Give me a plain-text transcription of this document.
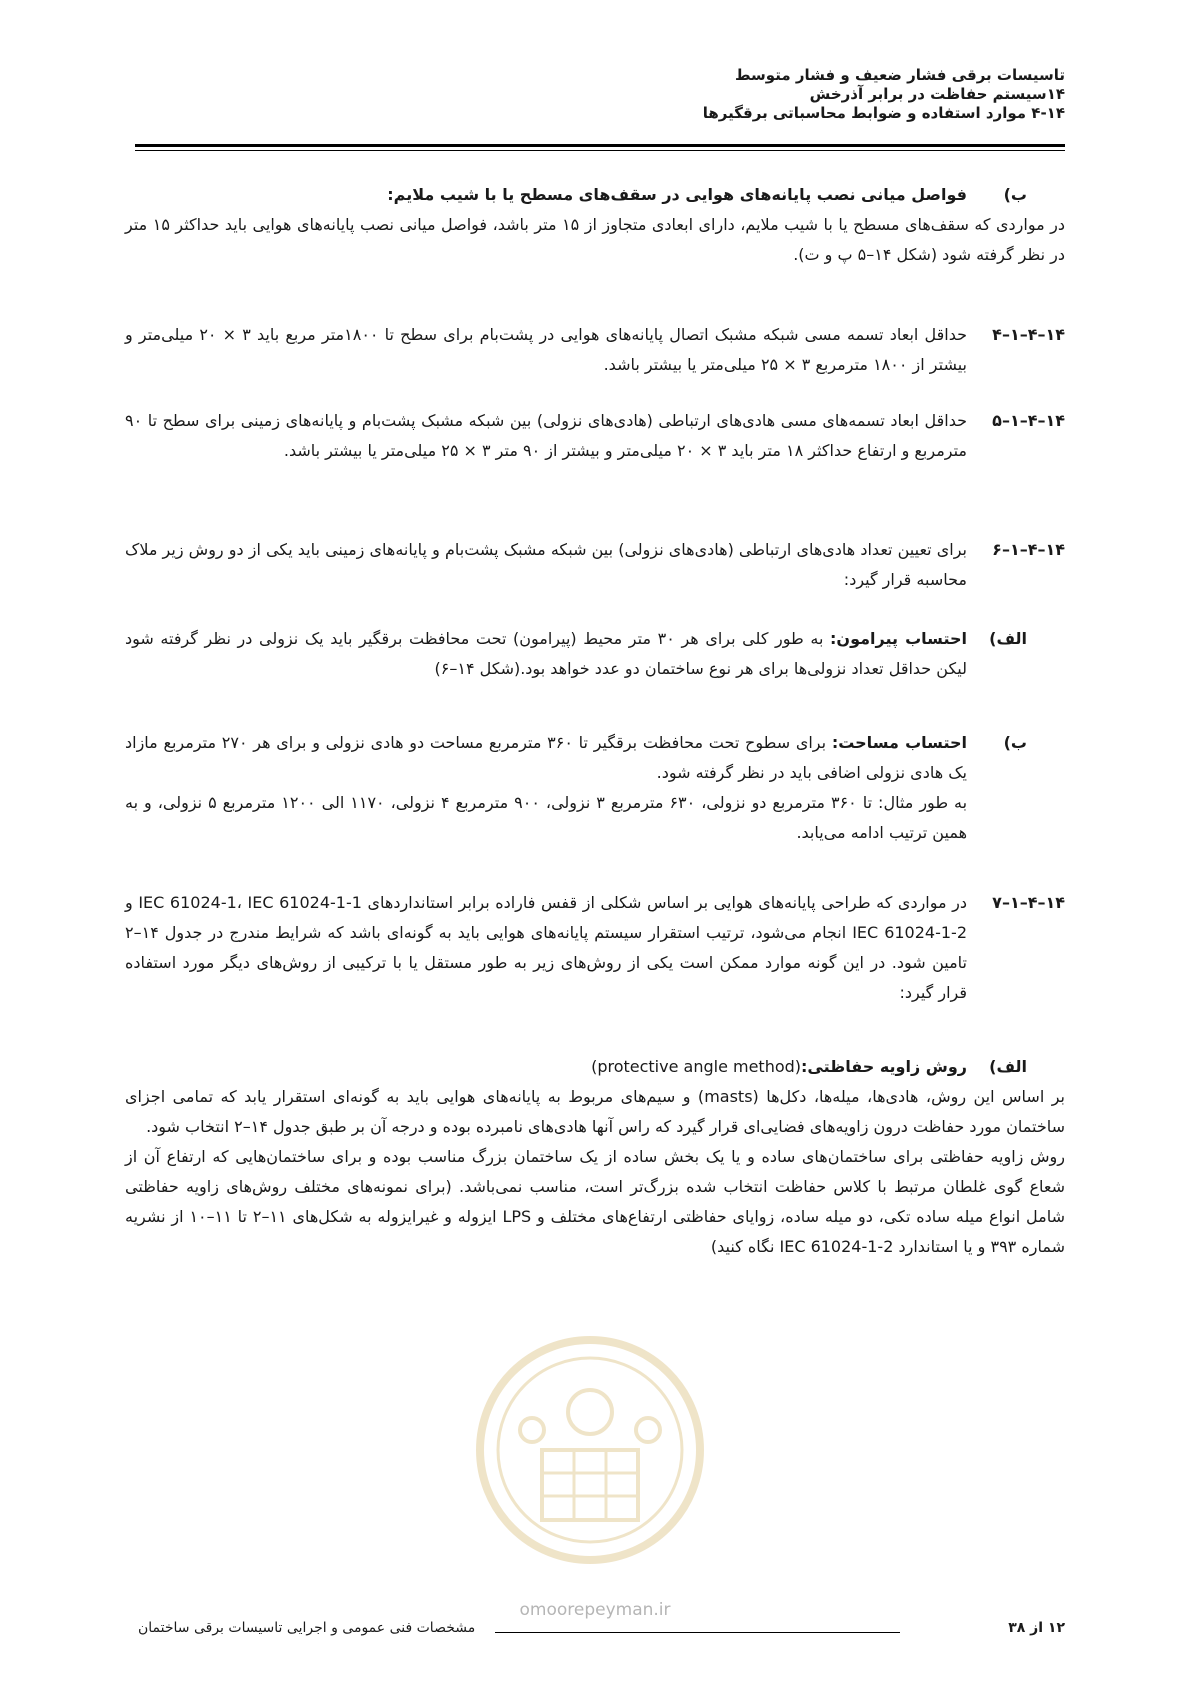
تاسیسات برقی فشار ضعیف و فشار متوسط
۱۴سیستم حفاظت در برابر آذرخش
۴-۱۴ موارد استفاده و ضوابط محاسباتی برقگیرها
ب)

فواصل میانی نصب پایانه‌های هوایی در سقف‌های مسطح یا با شیب ملایم:

در مواردی که سقف‌های مسطح یا با شیب ملایم، دارای ابعادی متجاوز از ۱۵ متر باشد، فواصل میانی نصب پایانه‌های هوایی باید حداکثر ۱۵ متر در نظر گرفته شود (شکل ۱۴–۵ پ و ت).

۱۴–۴–۱–۴

حداقل ابعاد تسمه مسی شبکه مشبک اتصال پایانه‌های هوایی در پشت‌بام برای سطح تا ۱۸۰۰متر مربع باید ۳ × ۲۰ میلی‌متر و بیشتر از ۱۸۰۰ مترمربع ۳ × ۲۵ میلی‌متر یا بیشتر باشد.

۱۴–۴–۱–۵

حداقل ابعاد تسمه‌های مسی هادی‌های ارتباطی (هادی‌های نزولی) بین شبکه مشبک پشت‌بام و پایانه‌های زمینی برای سطح تا ۹۰ مترمربع و ارتفاع حداکثر ۱۸ متر باید ۳ × ۲۰ میلی‌متر و بیشتر از ۹۰ متر ۳ × ۲۵ میلی‌متر یا بیشتر باشد.

۱۴–۴–۱–۶

برای تعیین تعداد هادی‌های ارتباطی (هادی‌های نزولی) بین شبکه مشبک پشت‌بام و پایانه‌های زمینی باید یکی از دو روش زیر ملاک محاسبه قرار گیرد:

الف)

احتساب پیرامون: به طور کلی برای هر ۳۰ متر محیط (پیرامون) تحت محافظت برقگیر باید یک نزولی در نظر گرفته شود لیکن حداقل تعداد نزولی‌ها برای هر نوع ساختمان دو عدد خواهد بود.(شکل ۱۴–۶)

ب)

احتساب مساحت: برای سطوح تحت محافظت برقگیر تا ۳۶۰ مترمربع مساحت دو هادی نزولی و برای هر ۲۷۰ مترمربع مازاد یک هادی نزولی اضافی باید در نظر گرفته شود.

به طور مثال: تا ۳۶۰ مترمربع دو نزولی، ۶۳۰ مترمربع ۳ نزولی، ۹۰۰ مترمربع ۴ نزولی، ۱۱۷۰ الی ۱۲۰۰ مترمربع ۵ نزولی، و به همین ترتیب ادامه می‌یابد.

۱۴–۴–۱–۷

در مواردی که طراحی پایانه‌های هوایی بر اساس شکلی از قفس فاراده برابر استانداردهای IEC 61024-1، IEC 61024-1-1 و IEC 61024-1-2 انجام می‌شود، ترتیب استقرار سیستم پایانه‌های هوایی باید به گونه‌ای باشد که شرایط مندرج در جدول ۱۴–۲ تامین شود. در این گونه موارد ممکن است یکی از روش‌های زیر به طور مستقل یا با ترکیبی از روش‌های دیگر مورد استفاده قرار گیرد:

الف)

روش زاویه حفاظتی: (protective angle method)

بر اساس این روش، هادی‌ها، میله‌ها، دکل‌ها (masts) و سیم‌های مربوط به پایانه‌های هوایی باید به گونه‌ای استقرار یابد که تمامی اجزای ساختمان مورد حفاظت درون زاویه‌های فضایی‌ای قرار گیرد که راس آنها هادی‌های نامبرده بوده و درجه آن بر طبق جدول ۱۴–۲ انتخاب شود.

روش زاویه حفاظتی برای ساختمان‌های ساده و یا یک بخش ساده از یک ساختمان بزرگ مناسب بوده و برای ساختمان‌هایی که ارتفاع آن از شعاع گوی غلطان مرتبط با کلاس حفاظت انتخاب شده بزرگ‌تر است، مناسب نمی‌باشد. (برای نمونه‌های مختلف روش‌های زاویه حفاظتی شامل انواع میله ساده تکی، دو میله ساده، زوایای حفاظتی ارتفاع‌های مختلف و LPS ایزوله و غیرایزوله به شکل‌های ۱۱–۲ تا ۱۱–۱۰ از نشریه شماره ۳۹۳ و یا استاندارد IEC 61024-1-2 نگاه کنید)

omoorepeyman.ir
۱۲ از ۳۸
مشخصات فنی عمومی و اجرایی تاسیسات برقی ساختمان
